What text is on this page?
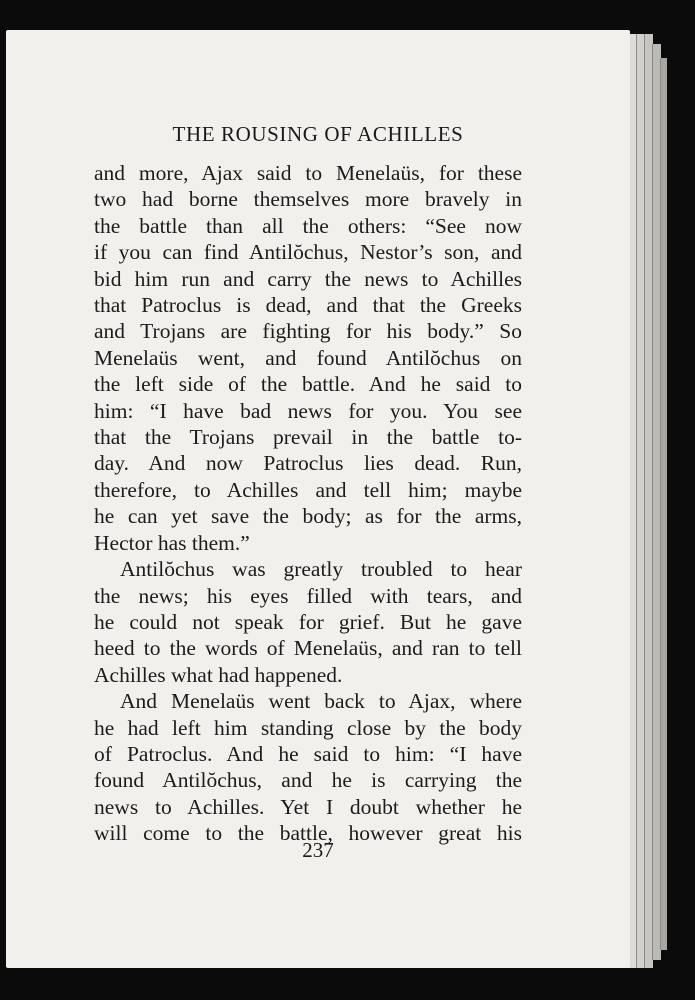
THE ROUSING OF ACHILLES
and more, Ajax said to Menelaüs, for these
two had borne themselves more bravely in
the battle than all the others: “See now
if you can find Antilŏchus, Nestor’s son, and
bid him run and carry the news to Achilles
that Patroclus is dead, and that the Greeks
and Trojans are fighting for his body.” So
Menelaüs went, and found Antilŏchus on
the left side of the battle. And he said to
him: “I have bad news for you. You see
that the Trojans prevail in the battle to-
day. And now Patroclus lies dead. Run,
therefore, to Achilles and tell him; maybe
he can yet save the body; as for the arms,
Hector has them.”
Antilŏchus was greatly troubled to hear
the news; his eyes filled with tears, and
he could not speak for grief. But he gave
heed to the words of Menelaüs, and ran to tell
Achilles what had happened.
And Menelaüs went back to Ajax, where
he had left him standing close by the body
of Patroclus. And he said to him: “I have
found Antilŏchus, and he is carrying the
news to Achilles. Yet I doubt whether he
will come to the battle, however great his
237
